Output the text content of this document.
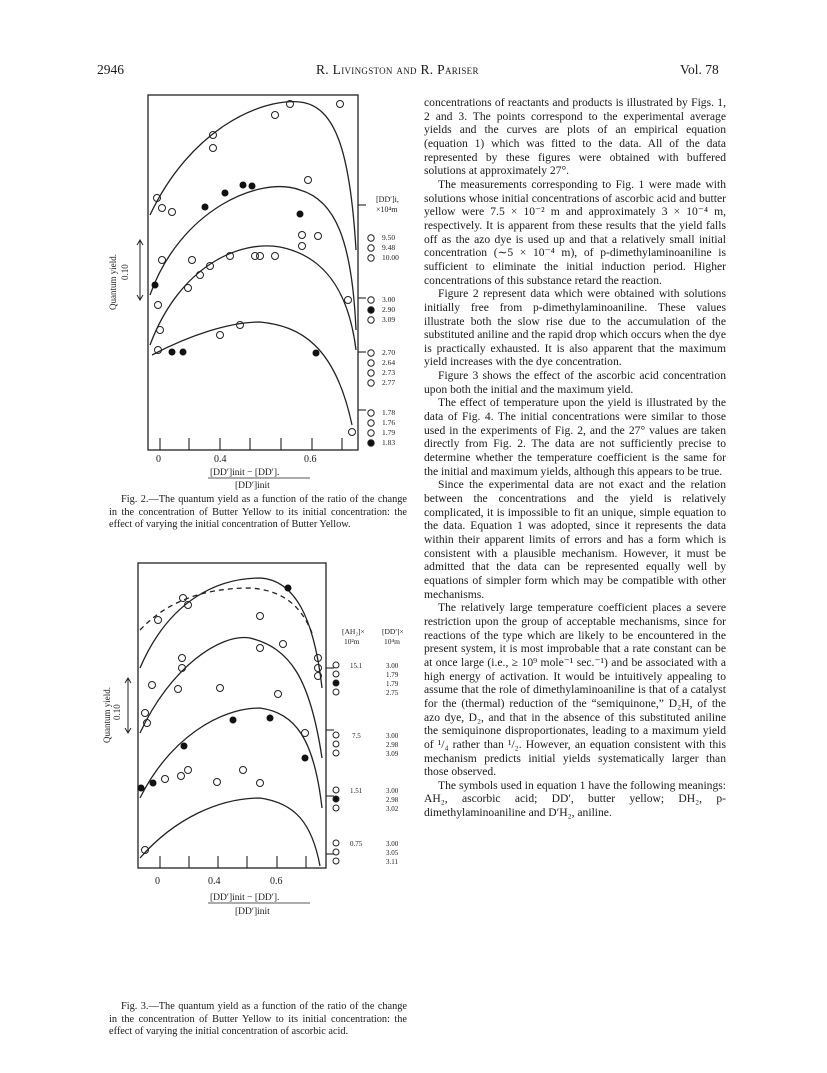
2946	R. Livingston and R. Pariser	Vol. 78
Quantum yield. 0.10
0	0.4	0.6
[DD′]init − [DD′].
[DD′]init
[DD′]i,
×10⁴m
9.50
9.48
10.00
3.00
2.90
3.09
2.70
2.64
2.73
2.77
1.78
1.76
1.79
1.83

Fig. 2.—The quantum yield as a function of the ratio of the change in the concentration of Butter Yellow to its initial concentration: the effect of varying the initial concentration of Butter Yellow.

Quantum yield. 0.10
0	0.4	0.6
[DD′]init − [DD′].
[DD′]init
[AH₂]×
10²m
[DD′]×
10⁴m
15.1	3.00
1.79
1.79
2.75
7.5	3.00
2.98
3.09
1.51	3.00
2.98
3.02
0.75	3.00
3.05
3.11

Fig. 3.—The quantum yield as a function of the ratio of the change in the concentration of Butter Yellow to its initial concentration: the effect of varying the initial concentration of ascorbic acid.

concentrations of reactants and products is illustrated by Figs. 1, 2 and 3. The points correspond to the experimental average yields and the curves are plots of an empirical equation (equation 1) which was fitted to the data. All of the data represented by these figures were obtained with buffered solutions at approximately 27°.

The measurements corresponding to Fig. 1 were made with solutions whose initial concentrations of ascorbic acid and butter yellow were 7.5 × 10⁻² m and approximately 3 × 10⁻⁴ m, respectively. It is apparent from these results that the yield falls off as the azo dye is used up and that a relatively small initial concentration (∼5 × 10⁻⁴ m), of p-dimethylaminoaniline is sufficient to eliminate the initial induction period. Higher concentrations of this substance retard the reaction.

Figure 2 represent data which were obtained with solutions initially free from p-dimethylaminoaniline. These values illustrate both the slow rise due to the accumulation of the substituted aniline and the rapid drop which occurs when the dye is practically exhausted. It is also apparent that the maximum yield increases with the dye concentration.

Figure 3 shows the effect of the ascorbic acid concentration upon both the initial and the maximum yield.

The effect of temperature upon the yield is illustrated by the data of Fig. 4. The initial concentrations were similar to those used in the experiments of Fig. 2, and the 27° values are taken directly from Fig. 2. The data are not sufficiently precise to determine whether the temperature coefficient is the same for the initial and maximum yields, although this appears to be true.

Since the experimental data are not exact and the relation between the concentrations and the yield is relatively complicated, it is impossible to fit an unique, simple equation to the data. Equation 1 was adopted, since it represents the data within their apparent limits of errors and has a form which is consistent with a plausible mechanism. However, it must be admitted that the data can be represented equally well by equations of simpler form which may be compatible with other mechanisms.

The relatively large temperature coefficient places a severe restriction upon the group of acceptable mechanisms, since for reactions of the type which are likely to be encountered in the present system, it is most improbable that a rate constant can be at once large (i.e., ≥ 10⁹ mole⁻¹ sec.⁻¹) and be associated with a high energy of activation. It would be intuitively appealing to assume that the role of dimethylaminoaniline is that of a catalyst for the (thermal) reduction of the “semiquinone,” D₂H, of the azo dye, D₂, and that in the absence of this substituted aniline the semiquinone disproportionates, leading to a maximum yield of ¹/₄ rather than ¹/₂. However, an equation consistent with this mechanism predicts initial yields systematically larger than those observed.

The symbols used in equation 1 have the following meanings: AH₂, ascorbic acid; DD′, butter yellow; DH₂, p-dimethylaminoaniline and D′H₂, aniline.
